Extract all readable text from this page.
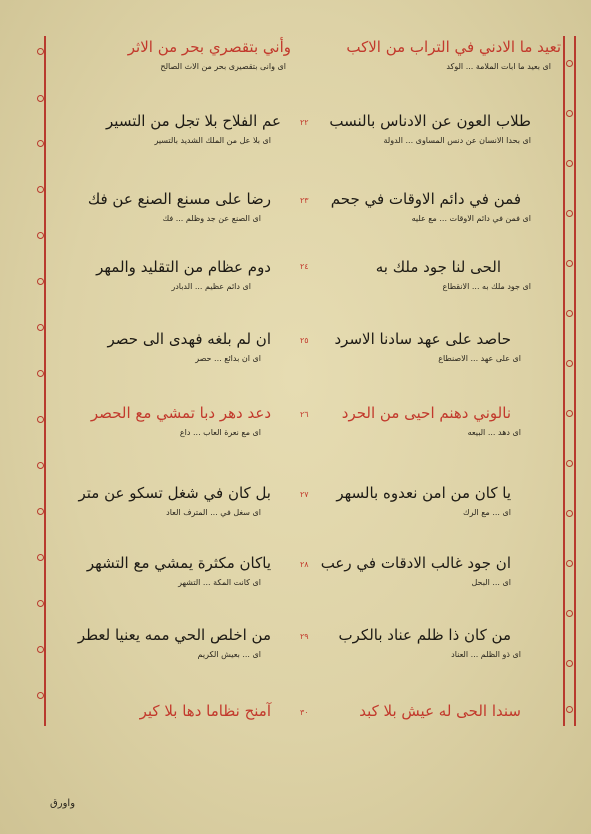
تعيد ما الادني في التراب من الاكب
اى بعيد ما ابات الملامة ... الوكد
وأني بتقصري بحر من الاثر
اى وانى بتقصيرى بحر من الاث الصالح
٢٢ طلاب العون عن الادناس بالنسب
اى بحدا الانسان عن دنس المساوى ... الدولة
عم الفلاح بلا تجل من التسير
اى بلا عل من الملك الشديد بالتسير
٢٣ فمن في دائم الاوقات في جحم
اى فمن في دائم الاوقات ... مع عليه
رضا على مسنع الصنع عن فك
اى الصنع عن جد وظلم ... فك
٢٤	الحى لنا جود ملك به
اى جود ملك به ... الانقطاع
دوم عظام من التقليد والمهر
اى دائم عظيم ... الدبادر
٢٥ حاصد على عهد سادنا الاسرد
اى على عهد ... الاصنطاع
ان لم بلغه فهدى الى حصر
اى ان بدائع ... حصر
٢٦ نالوني دهنم احيى من الحرد
اى دهد ... البيعه
دعد دهر دبا تمشي مع الحصر
اى مع نعرة العاب ... داع
٢٧ يا كان من امن نعدوه بالسهر
اى ... مع الرك
بل كان في شغل تسكو عن متر
اى سغل في ... المترف العاد
٢٨ ان جود غالب الادقات في رعب
اى ... البحل
ياكان مكثرة يمشي مع التشهر
اى كانت المكة ... التشهر
٢٩ من كان ذا ظلم عناد بالكرب
اى ذو الظلم ... العناد
من اخلص الحي ممه يعنيا لعطر
اى ... بعيش الكريم
٣٠	سندا الحى له عيش بلا كبد
آمنح نظاما دها بلا كير
واورق
